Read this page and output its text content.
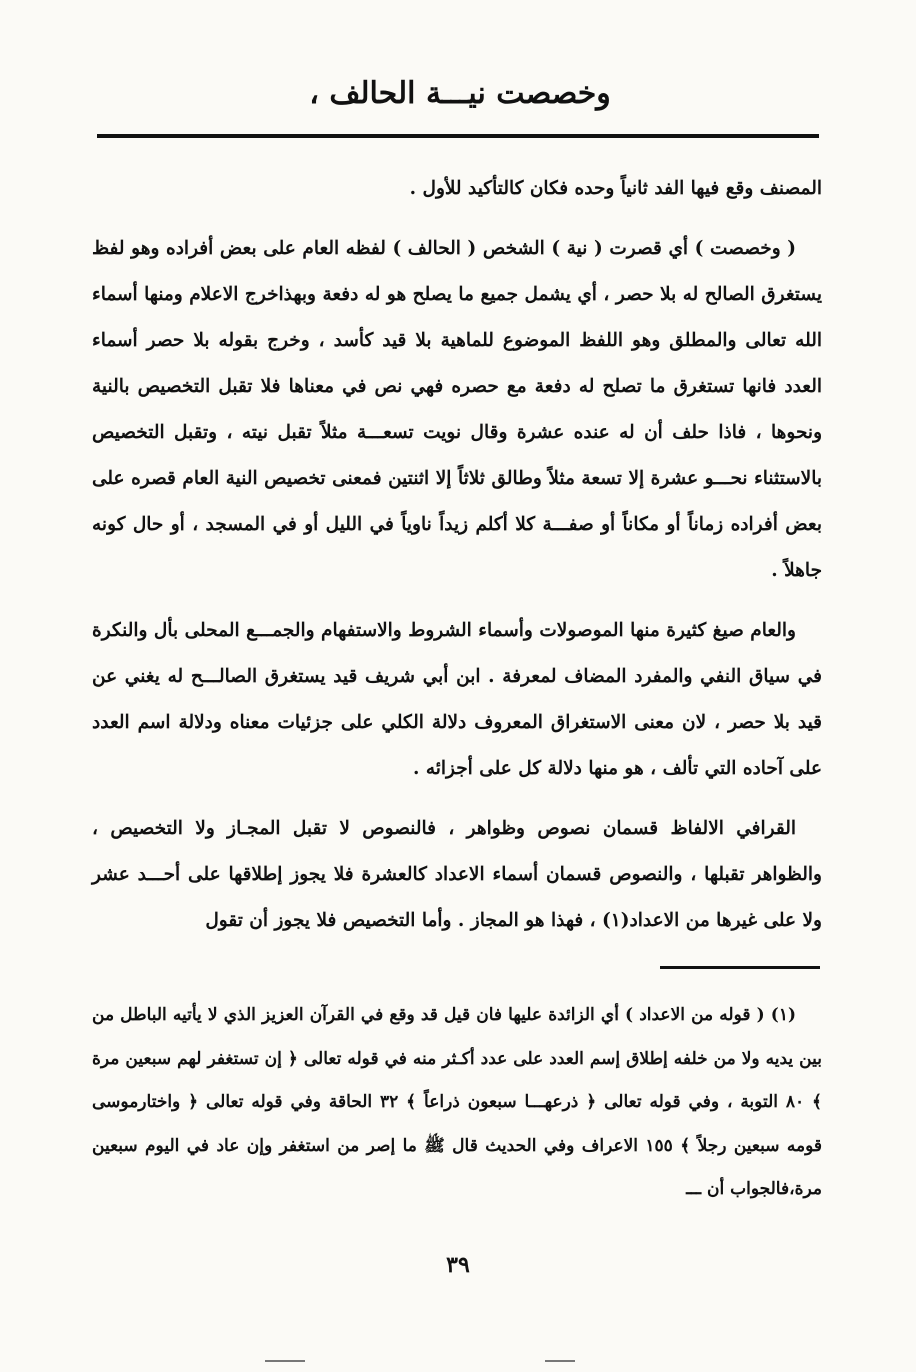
وخصصت نيـــة الحالف ،

المصنف وقع فيها الفد ثانياً وحده فكان كالتأكيد للأول .

( وخصصت ) أي قصرت ( نية ) الشخص ( الحالف ) لفظه العام على بعض أفراده وهو لفظ يستغرق الصالح له بلا حصر ، أي يشمل جميع ما يصلح هو له دفعة وبهذاخرج الاعلام ومنها أسماء الله تعالى والمطلق وهو اللفظ الموضوع للماهية بلا قيد كأسد ، وخرج بقوله بلا حصر أسماء العدد فانها تستغرق ما تصلح له دفعة مع حصره فهي نص في معناها فلا تقبل التخصيص بالنية ونحوها ، فاذا حلف أن له عنده عشرة وقال نويت تسعـــة مثلاً تقبل نيته ، وتقبل التخصيص بالاستثناء نحـــو عشرة إلا تسعة مثلاً وطالق ثلاثاً إلا اثنتين فمعنى تخصيص النية العام قصره على بعض أفراده زماناً أو مكاناً أو صفـــة كلا أكلم زيداً ناوياً في الليل أو في المسجد ، أو حال كونه جاهلاً .

والعام صيغ كثيرة منها الموصولات وأسماء الشروط والاستفهام والجمـــع المحلى بأل والنكرة في سياق النفي والمفرد المضاف لمعرفة . ابن أبي شريف قيد يستغرق الصالـــح له يغني عن قيد بلا حصر ، لان معنى الاستغراق المعروف دلالة الكلي على جزئيات معناه ودلالة اسم العدد على آحاده التي تألف ، هو منها دلالة كل على أجزائه .

القرافي الالفاظ قسمان نصوص وظواهر ، فالنصوص لا تقبل المجـاز ولا التخصيص ، والظواهر تقبلها ، والنصوص قسمان أسماء الاعداد كالعشرة فلا يجوز إطلاقها على أحـــد عشر ولا على غيرها من الاعداد(١) ، فهذا هو المجاز . وأما التخصيص فلا يجوز أن تقول

(١) ( قوله من الاعداد ) أي الزائدة عليها فان قيل قد وقع في القرآن العزيز الذي لا يأتيه الباطل من بين يديه ولا من خلفه إطلاق إسم العدد على عدد أكـثر منه في قوله تعالى ﴿ إن تستغفر لهم سبعين مرة ﴾ ٨٠ التوبة ، وفي قوله تعالى ﴿ ذرعهـــا سبعون ذراعاً ﴾ ٣٢ الحاقة وفي قوله تعالى ﴿ واختارموسى قومه سبعين رجلاً ﴾ ١٥٥ الاعراف وفي الحديث قال ﷺ ما إصر من استغفر وإن عاد في اليوم سبعين مرة،فالجواب أن ـــ

٣٩
